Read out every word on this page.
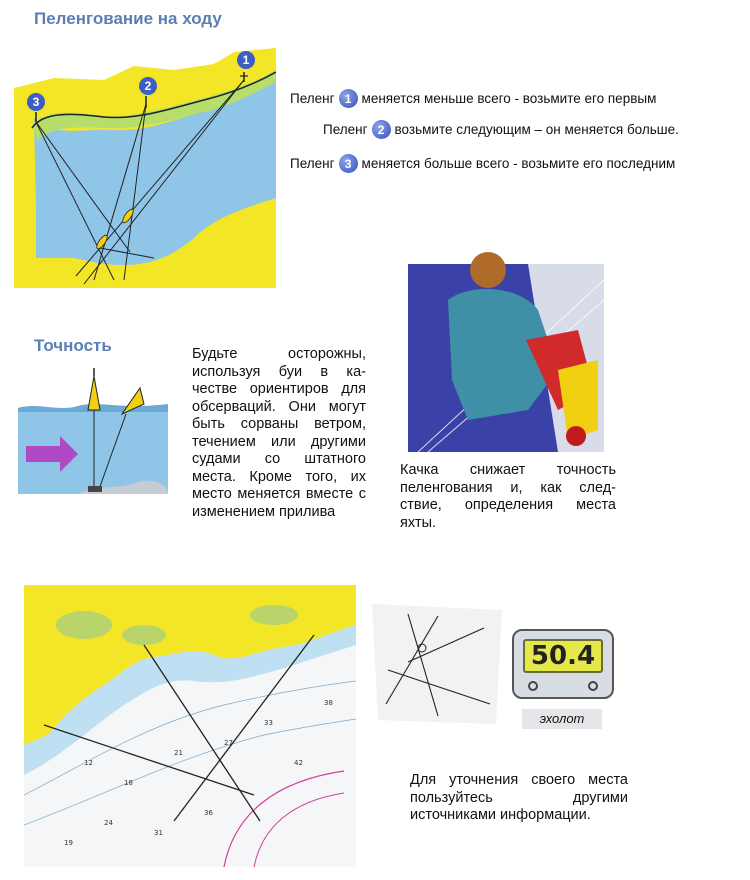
Пеленгование на ходу
3
2
1
Пеленг 1 меняется меньше всего - возьмите его первым
Пеленг 2 возьмите следующим – он меняется больше.
Пеленг 3 меняется больше всего - возьмите его последним
Точность	Будьте осторожны, используя буи в ка-честве ориентиров для обсерваций. Они могут быть сорваны ветром, течением или другими судами со штатного места. Кроме того, их место меняется вместе с изменением прилива
Качка снижает точность пеленгования и, как след-ствие, определения места яхты.
12
18
21
27
33
24
31
36
42
19
38
50.4
эхолот
Для уточнения своего места пользуйтесь другими источниками информации.
